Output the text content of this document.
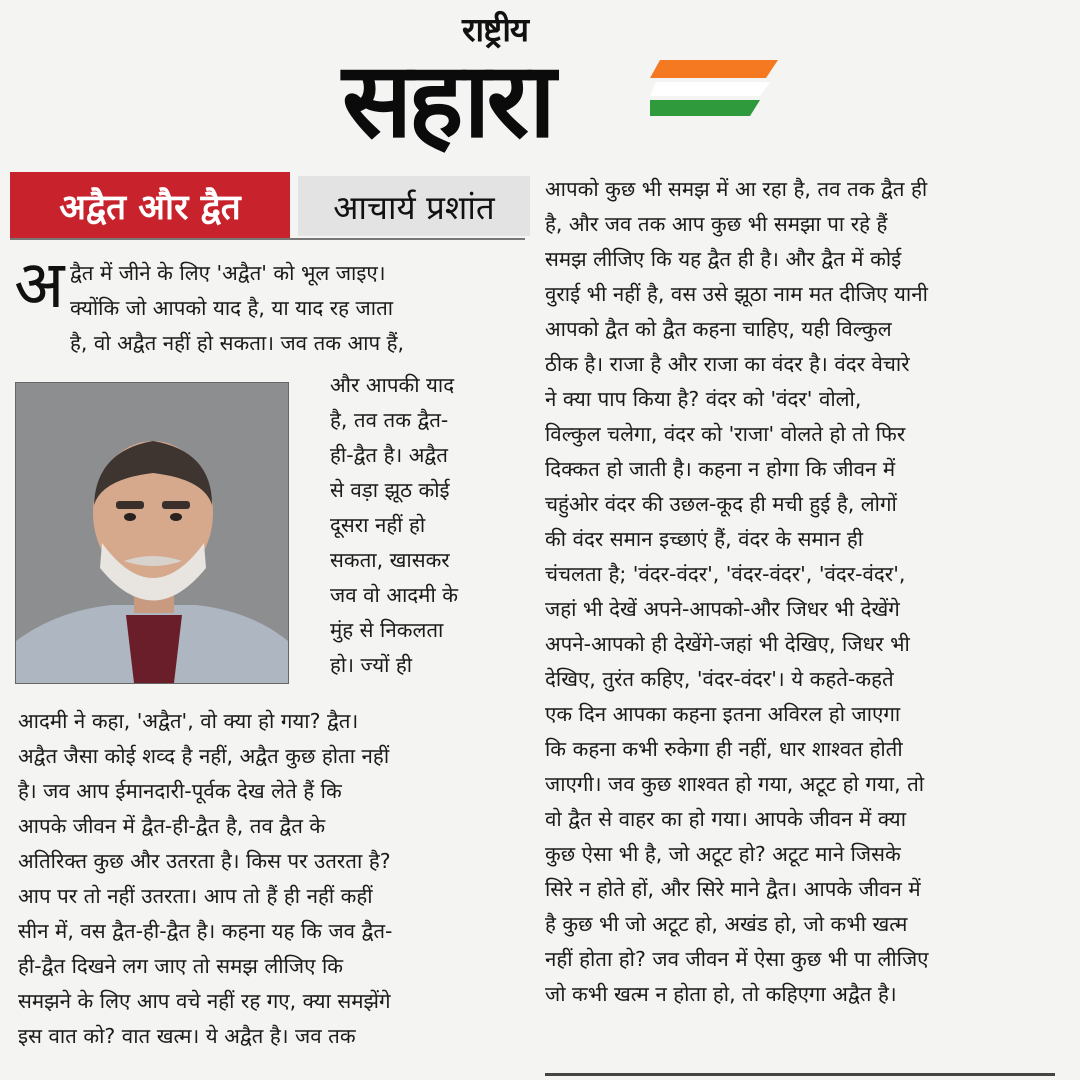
राष्ट्रीय
सहारा
अद्वैत और द्वैत	आचार्य प्रशांत
अ द्वैत में जीने के लिए 'अद्वैत' को भूल जाइए।
क्योंकि जो आपको याद है, या याद रह जाता
है, वो अद्वैत नहीं हो सकता। जव तक आप हैं,
और आपकी याद
है, तव तक द्वैत-
ही-द्वैत है। अद्वैत
से वड़ा झूठ कोई
दूसरा नहीं हो
सकता, खासकर
जव वो आदमी के
मुंह से निकलता
हो। ज्यों ही
आदमी ने कहा, 'अद्वैत', वो क्या हो गया? द्वैत।
अद्वैत जैसा कोई शव्द है नहीं, अद्वैत कुछ होता नहीं
है। जव आप ईमानदारी-पूर्वक देख लेते हैं कि
आपके जीवन में द्वैत-ही-द्वैत है, तव द्वैत के
अतिरिक्त कुछ और उतरता है। किस पर उतरता है?
आप पर तो नहीं उतरता। आप तो हैं ही नहीं कहीं
सीन में, वस द्वैत-ही-द्वैत है। कहना यह कि जव द्वैत-
ही-द्वैत दिखने लग जाए तो समझ लीजिए कि
समझने के लिए आप वचे नहीं रह गए, क्या समझेंगे
इस वात को? वात खत्म। ये अद्वैत है। जव तक
आपको कुछ भी समझ में आ रहा है, तव तक द्वैत ही
है, और जव तक आप कुछ भी समझा पा रहे हैं
समझ लीजिए कि यह द्वैत ही है। और द्वैत में कोई
वुराई भी नहीं है, वस उसे झूठा नाम मत दीजिए यानी
आपको द्वैत को द्वैत कहना चाहिए, यही विल्कुल
ठीक है। राजा है और राजा का वंदर है। वंदर वेचारे
ने क्या पाप किया है? वंदर को 'वंदर' वोलो,
विल्कुल चलेगा, वंदर को 'राजा' वोलते हो तो फिर
दिक्कत हो जाती है। कहना न होगा कि जीवन में
चहुंओर वंदर की उछल-कूद ही मची हुई है, लोगों
की वंदर समान इच्छाएं हैं, वंदर के समान ही
चंचलता है; 'वंदर-वंदर', 'वंदर-वंदर', 'वंदर-वंदर',
जहां भी देखें अपने-आपको-और जिधर भी देखेंगे
अपने-आपको ही देखेंगे-जहां भी देखिए, जिधर भी
देखिए, तुरंत कहिए, 'वंदर-वंदर'। ये कहते-कहते
एक दिन आपका कहना इतना अविरल हो जाएगा
कि कहना कभी रुकेगा ही नहीं, धार शाश्वत होती
जाएगी। जव कुछ शाश्वत हो गया, अटूट हो गया, तो
वो द्वैत से वाहर का हो गया। आपके जीवन में क्या
कुछ ऐसा भी है, जो अटूट हो? अटूट माने जिसके
सिरे न होते हों, और सिरे माने द्वैत। आपके जीवन में
है कुछ भी जो अटूट हो, अखंड हो, जो कभी खत्म
नहीं होता हो? जव जीवन में ऐसा कुछ भी पा लीजिए
जो कभी खत्म न होता हो, तो कहिएगा अद्वैत है।
